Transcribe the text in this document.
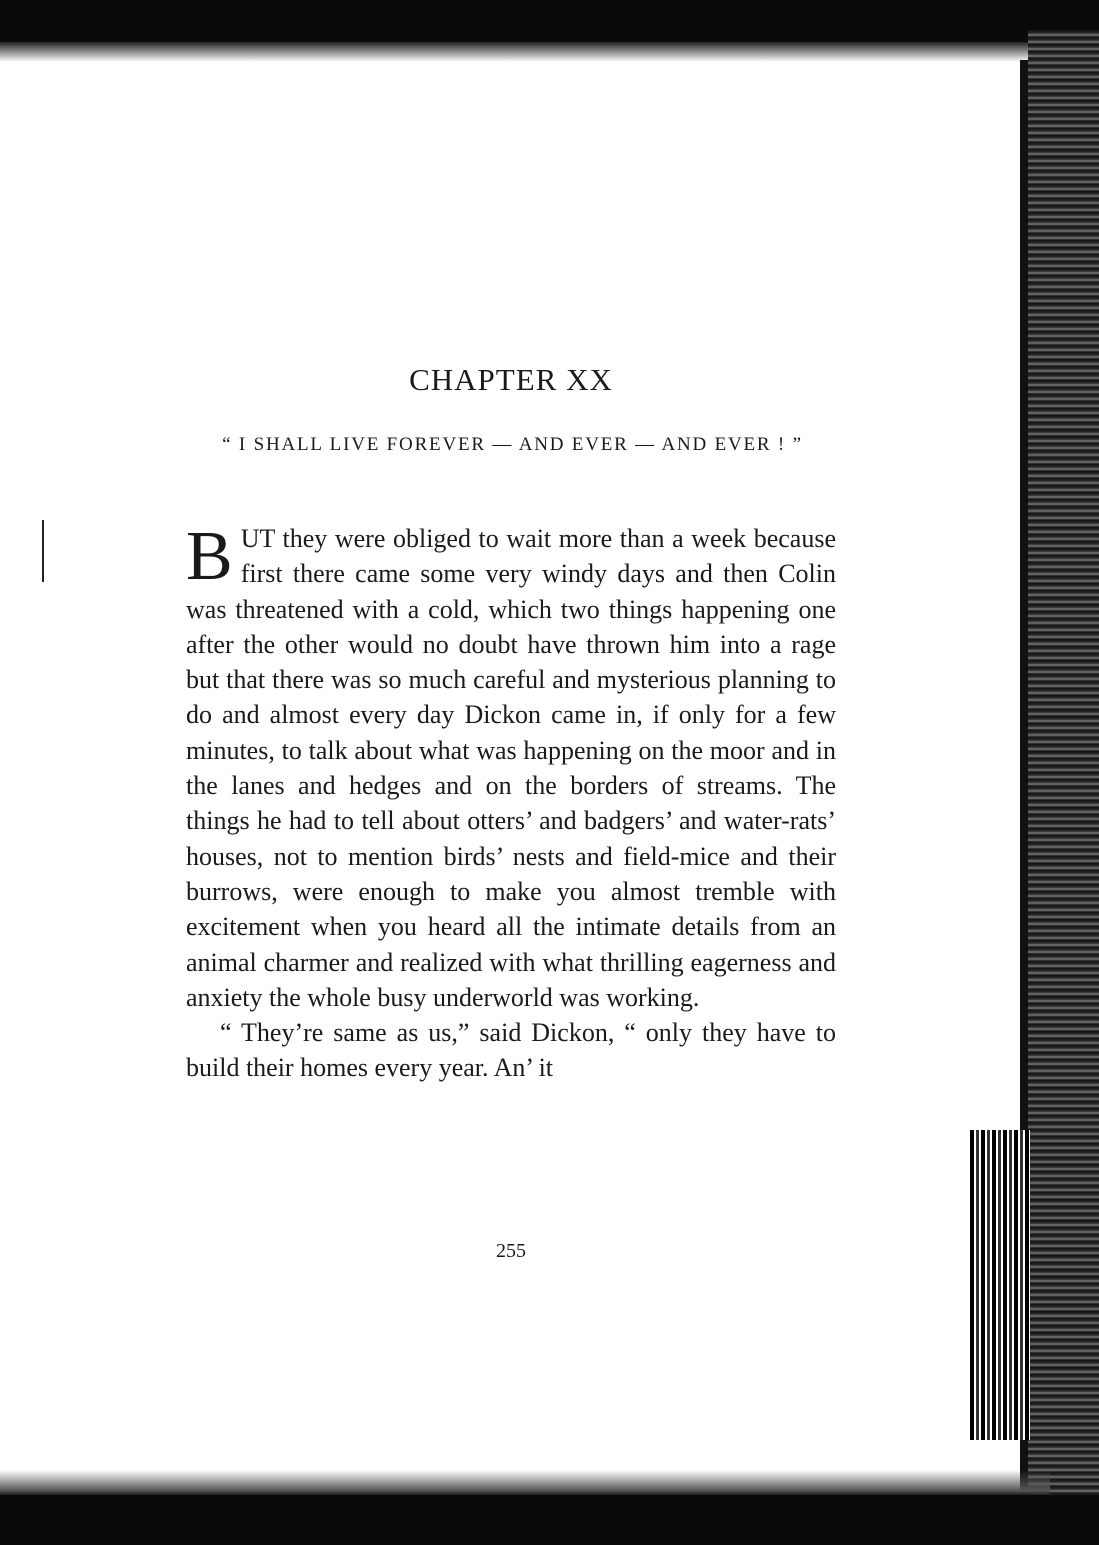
CHAPTER XX
“ I SHALL LIVE FOREVER — AND EVER — AND EVER ! ”

BUT they were obliged to wait more than a week because first there came some very windy days and then Colin was threatened with a cold, which two things happening one after the other would no doubt have thrown him into a rage but that there was so much careful and mysterious planning to do and almost every day Dickon came in, if only for a few minutes, to talk about what was happening on the moor and in the lanes and hedges and on the borders of streams. The things he had to tell about otters’ and badgers’ and water-rats’ houses, not to mention birds’ nests and field-mice and their burrows, were enough to make you almost tremble with excitement when you heard all the intimate details from an animal charmer and realized with what thrilling eagerness and anxiety the whole busy underworld was working.

“ They’re same as us,” said Dickon, “ only they have to build their homes every year. An’ it

255
